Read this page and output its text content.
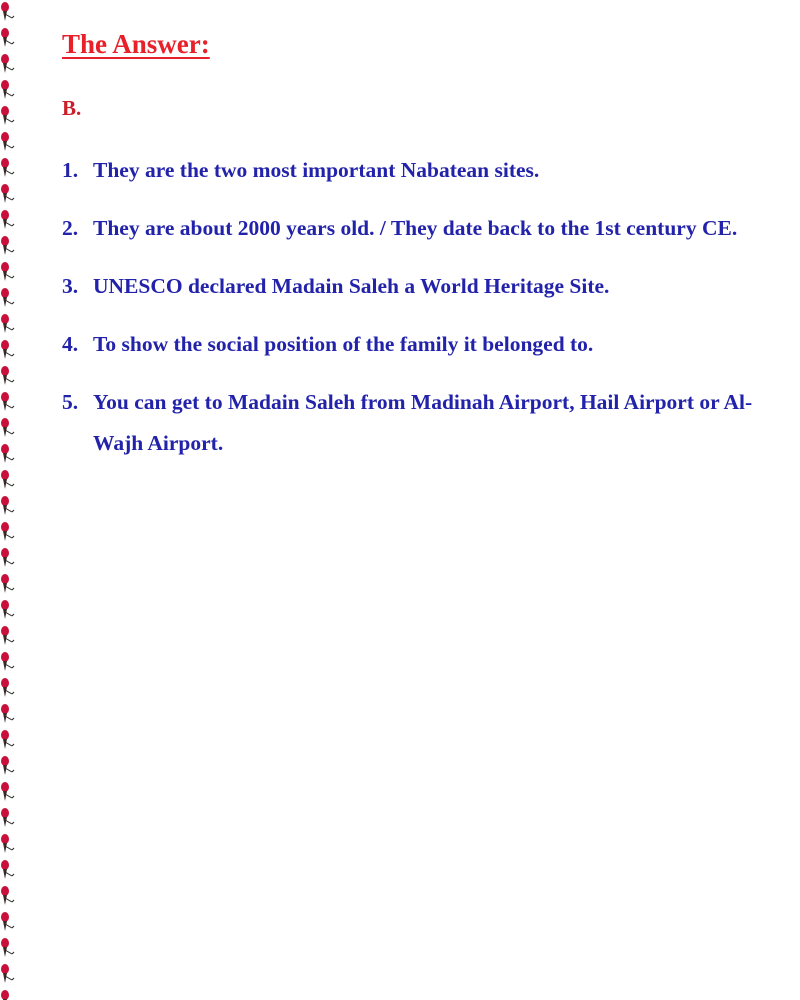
The Answer:
B.
1. They are the two most important Nabatean sites.
2. They are about 2000 years old. / They date back to the 1st century CE.
3. UNESCO declared Madain Saleh a World Heritage Site.
4. To show the social position of the family it belonged to.
5. You can get to Madain Saleh from Madinah Airport, Hail Airport or Al-Wajh Airport.
